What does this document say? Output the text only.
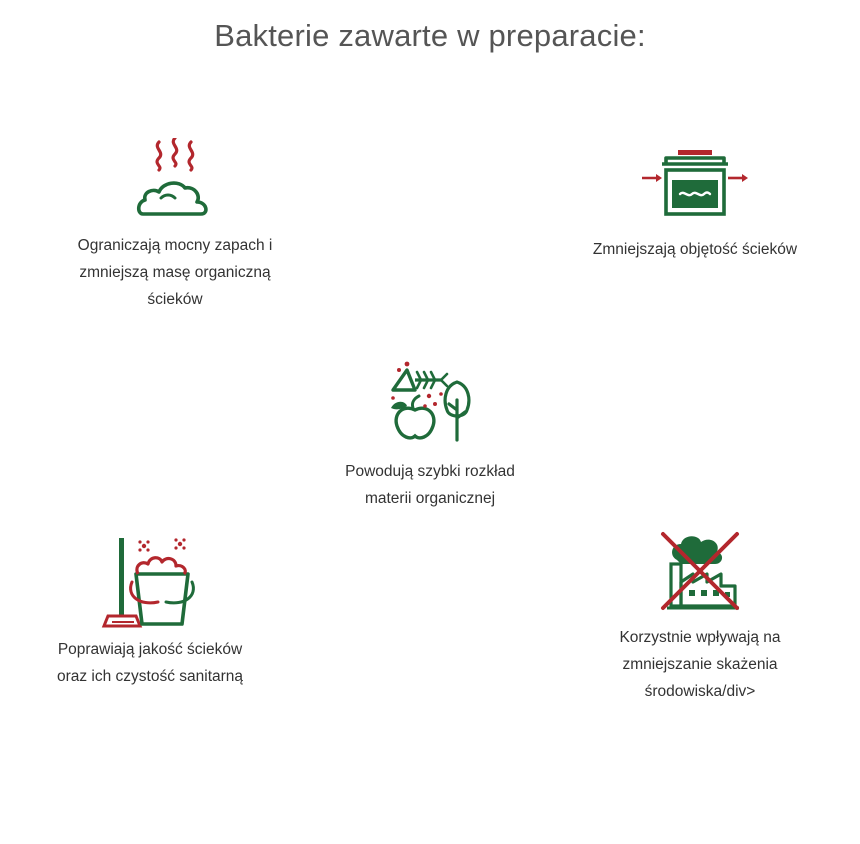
Bakterie zawarte w preparacie:
Ograniczają mocny zapach i
zmniejszą masę organiczną
ścieków
Zmniejszają objętość ścieków
Powodują szybki rozkład
materii organicznej
Poprawiają jakość ścieków
oraz ich czystość sanitarną
Korzystnie wpływają na
zmniejszanie skażenia
środowiska/div>
